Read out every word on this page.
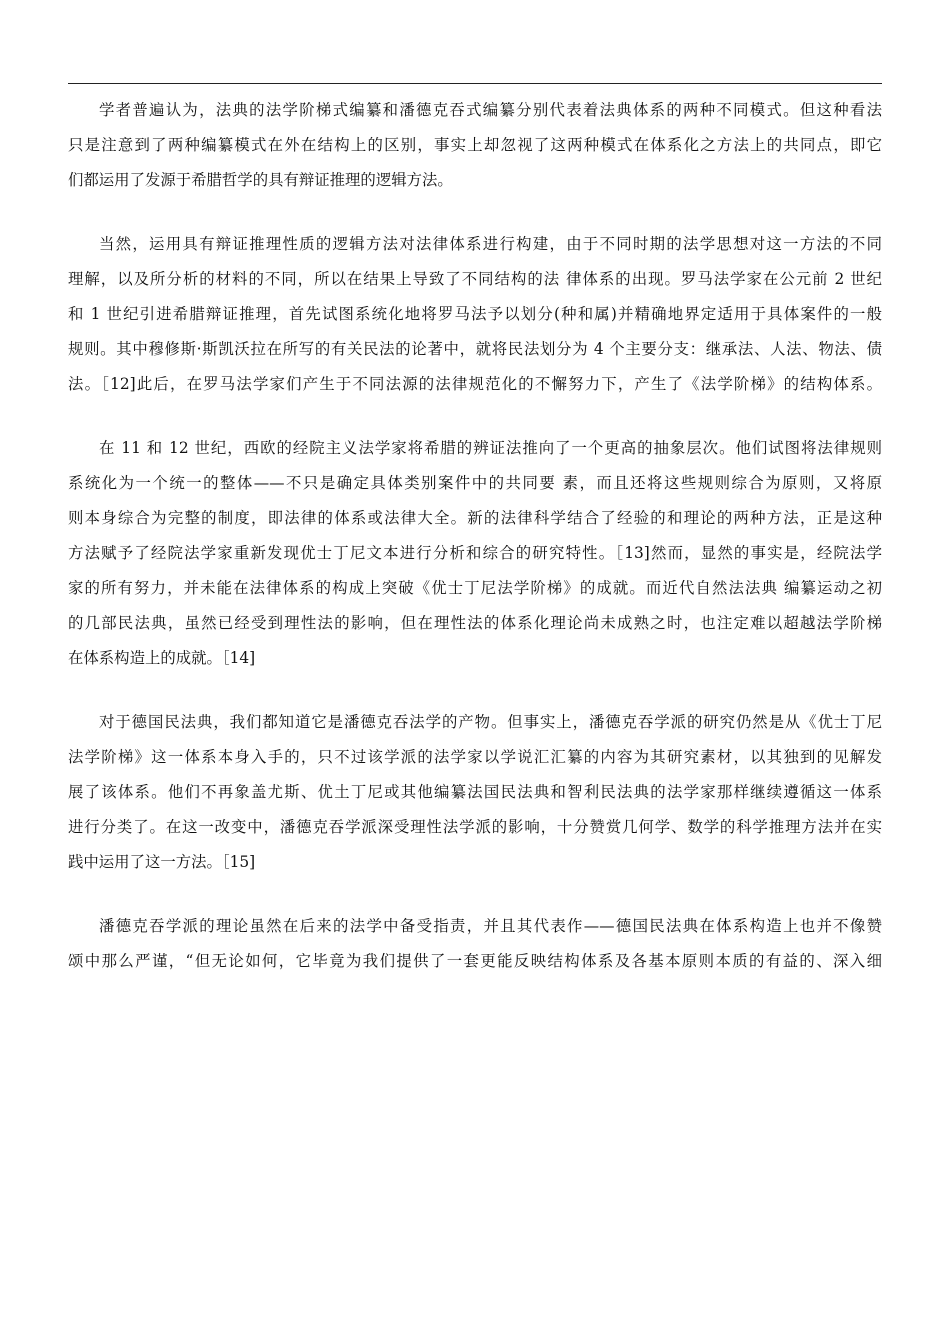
学者普遍认为，法典的法学阶梯式编纂和潘德克吞式编纂分别代表着法典体系的两种不同模式。但这种看法
只是注意到了两种编纂模式在外在结构上的区别，事实上却忽视了这两种模式在体系化之方法上的共同点，即它
们都运用了发源于希腊哲学的具有辩证推理的逻辑方法。
当然，运用具有辩证推理性质的逻辑方法对法律体系进行构建，由于不同时期的法学思想对这一方法的不同
理解，以及所分析的材料的不同，所以在结果上导致了不同结构的法 律体系的出现。罗马法学家在公元前 2 世纪
和 1 世纪引进希腊辩证推理，首先试图系统化地将罗马法予以划分(种和属)并精确地界定适用于具体案件的一般
规则。其中穆修斯·斯凯沃拉在所写的有关民法的论著中，就将民法划分为 4 个主要分支：继承法、人法、物法、债
法。［12]此后，在罗马法学家们产生于不同法源的法律规范化的不懈努力下，产生了《法学阶梯》的结构体系。
在 11 和 12 世纪，西欧的经院主义法学家将希腊的辨证法推向了一个更高的抽象层次。他们试图将法律规则
系统化为一个统一的整体——不只是确定具体类别案件中的共同要 素，而且还将这些规则综合为原则，又将原
则本身综合为完整的制度，即法律的体系或法律大全。新的法律科学结合了经验的和理论的两种方法，正是这种
方法赋予了经院法学家重新发现优士丁尼文本进行分析和综合的研究特性。［13]然而，显然的事实是，经院法学
家的所有努力，并未能在法律体系的构成上突破《优士丁尼法学阶梯》的成就。而近代自然法法典 编纂运动之初
的几部民法典，虽然已经受到理性法的影响，但在理性法的体系化理论尚未成熟之时，也注定难以超越法学阶梯
在体系构造上的成就。［14]
对于德国民法典，我们都知道它是潘德克吞法学的产物。但事实上，潘德克吞学派的研究仍然是从《优士丁尼
法学阶梯》这一体系本身入手的，只不过该学派的法学家以学说汇汇纂的内容为其研究素材，以其独到的见解发
展了该体系。他们不再象盖尤斯、优土丁尼或其他编纂法国民法典和智利民法典的法学家那样继续遵循这一体系
进行分类了。在这一改变中，潘德克吞学派深受理性法学派的影响，十分赞赏几何学、数学的科学推理方法并在实
践中运用了这一方法。［15]
潘德克吞学派的理论虽然在后来的法学中备受指责，并且其代表作——德国民法典在体系构造上也并不像赞
颂中那么严谨，“但无论如何，它毕竟为我们提供了一套更能反映结构体系及各基本原则本质的有益的、深入细
